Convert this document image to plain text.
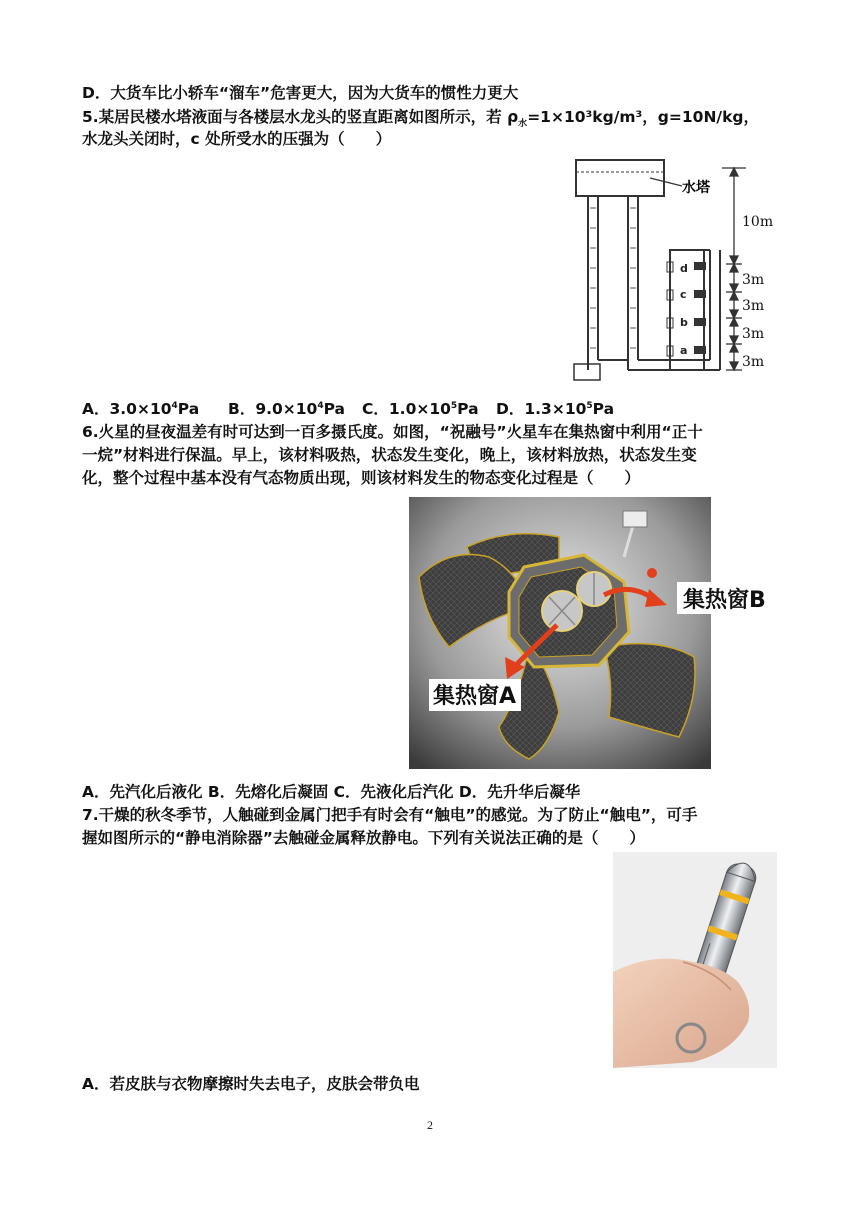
D．大货车比小轿车“溜车”危害更大，因为大货车的惯性力更大
5.某居民楼水塔液面与各楼层水龙头的竖直距离如图所示，若 $\rho_水=1\times 10^3kg/m^3$，g=10N/kg，
水龙头关闭时，c 处所受水的压强为（　　）
水塔
d
c
b
a
10m
3m
3m
3m
3m
A．$3.0\times 10^4Pa$ B．$9.0\times 10^4Pa$ C．$1.0\times 10^5Pa$ D．$1.3\times 10^5Pa$
6.火星的昼夜温差有时可达到一百多摄氏度。如图，“祝融号”火星车在集热窗中利用“正十
一烷”材料进行保温。早上，该材料吸热，状态发生变化，晚上，该材料放热，状态发生变
化，整个过程中基本没有气态物质出现，则该材料发生的物态变化过程是（　　）
集热窗B
集热窗A
A．先汽化后液化 B．先熔化后凝固 C．先液化后汽化 D．先升华后凝华
7.干燥的秋冬季节，人触碰到金属门把手有时会有“触电”的感觉。为了防止“触电”，可手
握如图所示的“静电消除器”去触碰金属释放静电。下列有关说法正确的是（　　）
A．若皮肤与衣物摩擦时失去电子，皮肤会带负电
2
